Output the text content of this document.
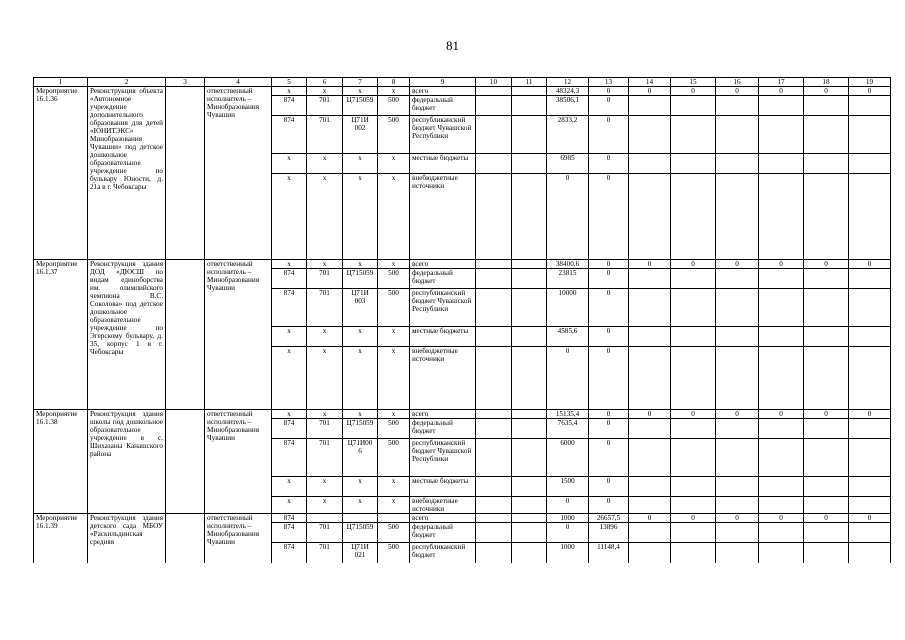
81
1	2	3	4	5	6	7	8	9	10	11	12	13	14	15	16	17	18	19
Мероприятие 16.1.36	Реконструкция объекта «Автономное учреждение дополнительного образования для детей «ЮНИТЭКС» Минобразования Чувашии» под детское дошкольное образовательное учреждение по бульвару Юности, д. 21а в г. Чебоксары		ответственный исполнитель – Минобразования Чувашии	x	x	x	x	всего			48324,3	0	0	0	0	0	0	0
				874	701	Ц715059	500	федеральный бюджет			38506,1	0						
				874	701	Ц71И 002	500	республиканский бюджет Чувашской Республики			2833,2	0						
				x	x	x	x	местные бюджеты			6985	0						
				x	x	x	x	внебюджетные источники			0	0						
Мероприятие 16.1.37	Реконструкция здания ДОД «ДЮСШ по видам единоборства им. олимпийского чемпиона В.С. Соколова» под детское дошкольное образовательное учреждение по Эгерскому бульвару, д. 35, корпус 1 в г. Чебоксары		ответственный исполнитель – Минобразования Чувашии	x	x	x	x	всего			38400,6	0	0	0	0	0	0	0
				874	701	Ц715059	500	федеральный бюджет			23815	0						
				874	701	Ц71И 003	500	республиканский бюджет Чувашской Республики			10000	0						
				x	x	x	x	местные бюджеты			4585,6	0						
				x	x	x	x	внебюджетные источники			0	0						
Мероприятие 16.1.38	Реконструкция здания школы под дошкольное образовательное учреждение в с. Шихазаны Канашского района		ответственный исполнитель – Минобразования Чувашии	x	x	x	x	всего			15135,4	0	0	0	0	0	0	0
				874	701	Ц715059	500	федеральный бюджет			7635,4	0						
				874	701	Ц71И00 6	500	республиканский бюджет Чувашской Республики			6000	0						
				x	x	x	x	местные бюджеты			1500	0						
				x	x	x	x	внебюджетные источники			0	0						
Мероприятие 16.1.39	Реконструкция здания детского сада МБОУ «Раскильдинская средняя		ответственный исполнитель – Минобразования Чувашии	874				всего			1000	26657,5	0	0	0	0	0	0
				874	701	Ц715059	500	федеральный бюджет			0	13896						
				874	701	Ц71И 021	500	республиканский бюджет			1000	11148,4						
